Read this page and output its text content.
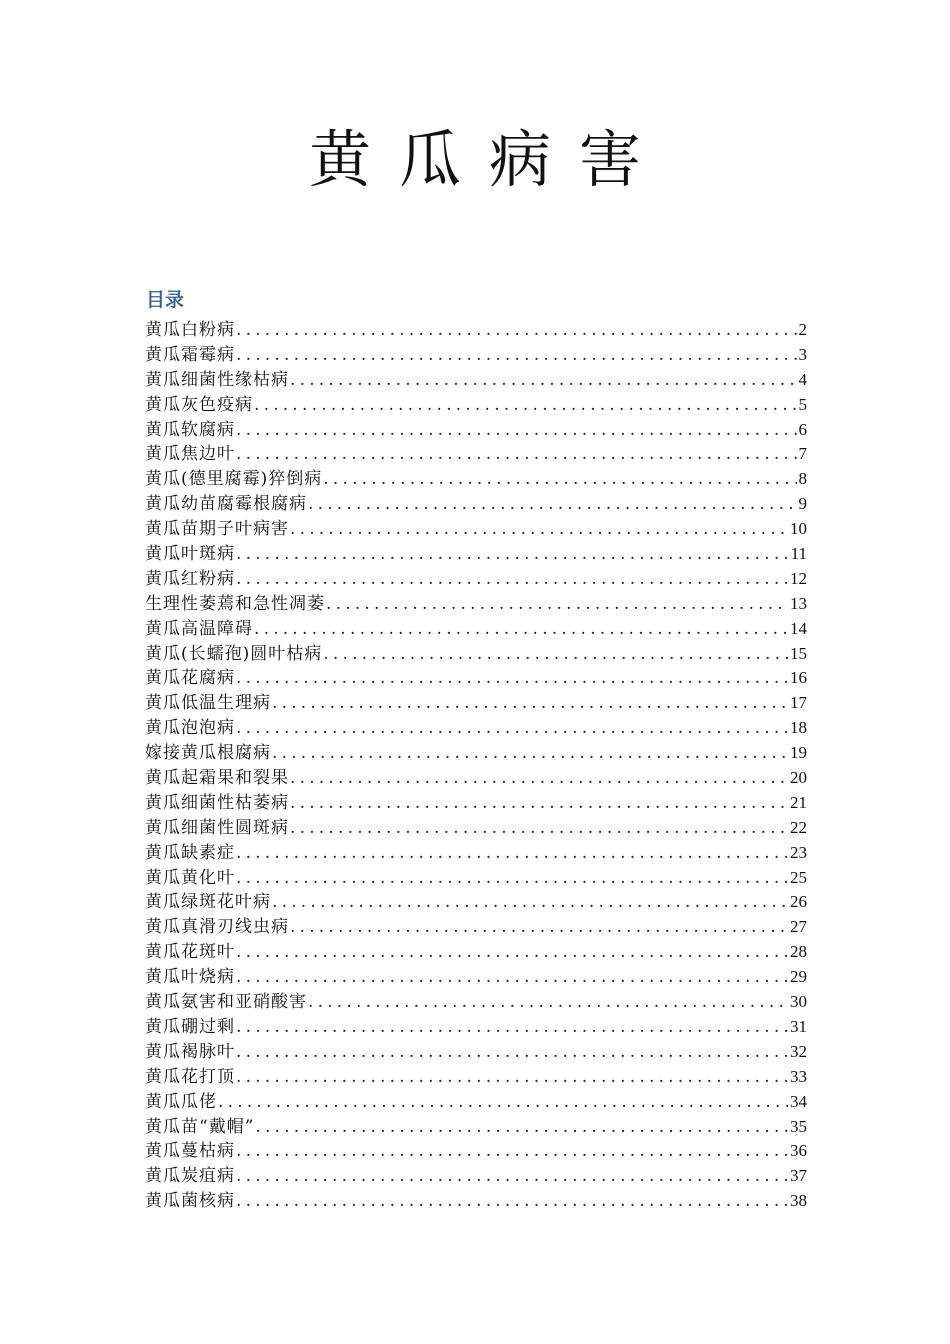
黄瓜病害
目录
黄瓜白粉病 .....	2
黄瓜霜霉病 .....	3
黄瓜细菌性缘枯病 .....	4
黄瓜灰色疫病 .....	5
黄瓜软腐病 .....	6
黄瓜焦边叶 .....	7
黄瓜(德里腐霉)猝倒病 .....	8
黄瓜幼苗腐霉根腐病 .....	9
黄瓜苗期子叶病害 .....	10
黄瓜叶斑病 .....	11
黄瓜红粉病 .....	12
生理性萎蔫和急性凋萎 .....	13
黄瓜高温障碍 .....	14
黄瓜(长蠕孢)圆叶枯病 .....	15
黄瓜花腐病 .....	16
黄瓜低温生理病 .....	17
黄瓜泡泡病 .....	18
嫁接黄瓜根腐病 .....	19
黄瓜起霜果和裂果 .....	20
黄瓜细菌性枯萎病 .....	21
黄瓜细菌性圆斑病 .....	22
黄瓜缺素症 .....	23
黄瓜黄化叶 .....	25
黄瓜绿斑花叶病 .....	26
黄瓜真滑刃线虫病 .....	27
黄瓜花斑叶 .....	28
黄瓜叶烧病 .....	29
黄瓜氨害和亚硝酸害 .....	30
黄瓜硼过剩 .....	31
黄瓜褐脉叶 .....	32
黄瓜花打顶 .....	33
黄瓜瓜佬 .....	34
黄瓜苗“戴帽” .....	35
黄瓜蔓枯病 .....	36
黄瓜炭疽病 .....	37
黄瓜菌核病 .....	38
